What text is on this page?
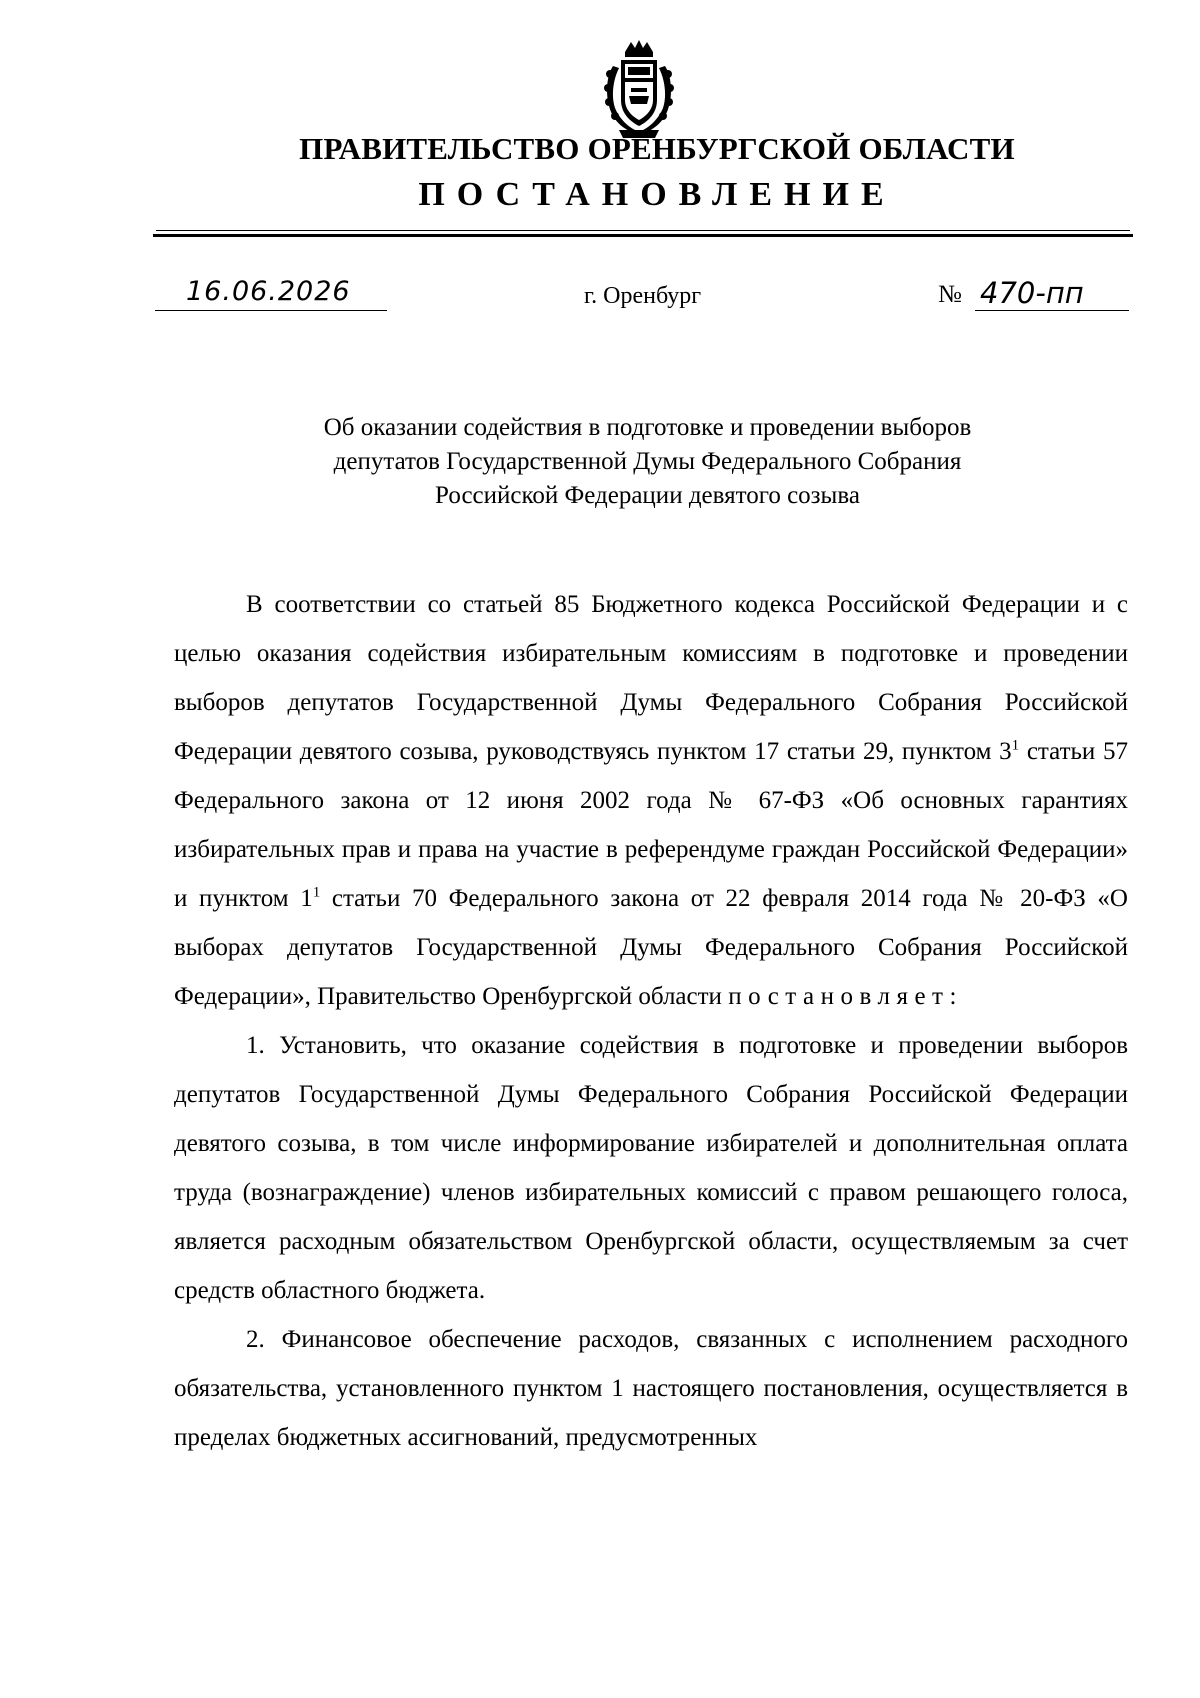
ПРАВИТЕЛЬСТВО ОРЕНБУРГСКОЙ ОБЛАСТИ
ПОСТАНОВЛЕНИЕ
16.06.2026	г. Оренбург	№ 470-пп
Об оказании содействия в подготовке и проведении выборов
депутатов Государственной Думы Федерального Собрания
Российской Федерации девятого созыва

В соответствии со статьей 85 Бюджетного кодекса Российской Федерации и с целью оказания содействия избирательным комиссиям в подготовке и проведении выборов депутатов Государственной Думы Федерального Собрания Российской Федерации девятого созыва, руководствуясь пунктом 17 статьи 29, пунктом $3^1$ статьи 57 Федерального закона от 12 июня 2002 года № 67-ФЗ «Об основных гарантиях избирательных прав и права на участие в референдуме граждан Российской Федерации» и пунктом $1^1$ статьи 70 Федерального закона от 22 февраля 2014 года № 20-ФЗ «О выборах депутатов Государственной Думы Федерального Собрания Российской Федерации», Правительство Оренбургской области постановляет:

1. Установить, что оказание содействия в подготовке и проведении выборов депутатов Государственной Думы Федерального Собрания Российской Федерации девятого созыва, в том числе информирование избирателей и дополнительная оплата труда (вознаграждение) членов избирательных комиссий с правом решающего голоса, является расходным обязательством Оренбургской области, осуществляемым за счет средств областного бюджета.

2. Финансовое обеспечение расходов, связанных с исполнением расходного обязательства, установленного пунктом 1 настоящего постановления, осуществляется в пределах бюджетных ассигнований, предусмотренных
